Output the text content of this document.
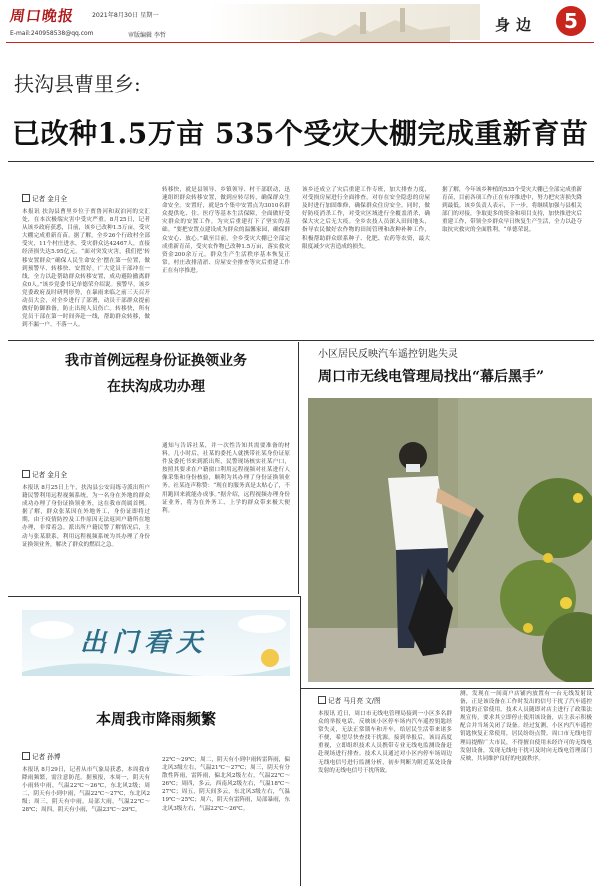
周口晚报	2021年8月30日 星期一
E-mail:240958538@qq.com	审版编辑 李哲
身边	5
扶沟县曹里乡:
已改种1.5万亩 535个受灾大棚完成重新育苗
记者 金月全
本报讯 扶沟县曹里乡位于贾鲁河和双洎河的交汇处，在本次极端灾害中受灾严重。8月25日，记者从该乡政府获悉，目前，该乡已改种1.5万亩，受灾大棚完成重新育苗。据了解，全乡26个行政村全部受灾，11个村庄进水，受灾群众达42467人，直接经济损失达5.95亿元。“面对突发灾害，我们把‘转移安置群众’‘确保人民生命安全’摆在第一位置，做到预警早、转移快、安置好。广大党员干部冲在一线，全力以赴帮助群众转移安置，成功避险撤离群众0人。”该乡党委书记单德荣介绍说。预警早，该乡党委政府及时研判形势，在暴雨来临之前三天召开动员大会，对全乡进行了部署，动员干部群众提前做好防御准备，防止出现人员伤亡。转移快，所有党员干部在第一时间奔赴一线，帮助群众转移，做到不漏一户、不落一人。
转移快，就是县领导、乡镇领导、村干部联动，迅速组织群众转移安置，做到应转尽转，确保群众生命安全。安置好，就是5个集中安置点为3010名群众提供吃、住、医疗等基本生活保障，全面做好受灾群众的安置工作，为灾后重建打下了坚实的基础。“要把安置点建设成为群众的温馨家园，确保群众安心、放心。”截至目前，全乡受灾大棚已全部完成重新育苗，受灾农作物已改种1.5万亩，落实救灾资金200余万元，群众生产生活秩序基本恢复正常。村庄改排清淤、房屋安全排查等灾后重建工作正在有序推进。
该乡还成立了灾后重建工作专班，加大排查力度，对受损房屋进行全面排查，对存在安全隐患的房屋及时进行加固维修，确保群众住房安全。同时，做好防疫消杀工作，对受灾区域进行全覆盖消杀，确保大灾之后无大疫。全乡农技人员深入田间地头，指导农民做好农作物的田间管理和改种补种工作，积极帮助群众联系种子、化肥、农药等农资，最大限度减少灾害造成的损失。
据了解，今年该乡种植的535个受灾大棚已全部完成重新育苗，目前各项工作正在有序推进中，努力把灾害损失降到最低。该乡负责人表示，下一步，将继续加强与县相关部门的对接，争取更多的资金和项目支持，加快推进灾后重建工作，带领全乡群众早日恢复生产生活，全力以赴夺取抗灾救灾的全面胜利。“单德荣说。
我市首例远程身份证换领业务
在扶沟成功办理
记者 金月全
本报讯 8月25日上午，扶沟县公安局练寺派出所户籍民警利用远程视频系统，为一名身在外地的群众成功办理了身份证换领业务，这在我市尚属首例。据了解，群众张某因在外地务工，身份证即将过期，由于疫情防控及工作原因无法返回户籍所在地办理，非常着急。派出所户籍民警了解情况后，主动与张某联系，利用远程视频系统为其办理了身份证换领业务，解决了群众的燃眉之急。
通知与告诉社某，并一次性告知其需要准备的材料。几小时后，社某的委托人就携带社某身份证原件及委托书来到派出所，民警现场核实社某户口，按照其要求在户籍窗口利用远程视频对社某进行人像采集和身份核验，顺利为其办理了身份证换领业务。社某连声称赞：“现在的服务真是太贴心了，不用跑回来就能办成事。”据介绍，远程视频办理身份证业务，将为在外务工、上学的群众带来极大便利。
小区居民反映汽车遥控钥匙失灵
周口市无线电管理局找出“幕后黑手”
记者 马月亮 文/图
本报讯 近日，周口市无线电管理局接到一小区多名群众的举报电话，反映该小区停车场内汽车遥控钥匙经常失灵，无法正常锁车和开车，给居民生活带来诸多不便，希望尽快查找干扰源。接到举报后，该局高度重视，立即组织技术人员携带专业无线电监测设备赶赴现场进行排查。技术人员通过对小区内停车场周边无线电信号进行监测分析，初步判断为附近某处设备发射的无线电信号干扰所致。
测，发现在一间商户店铺内放置有一台无线发射设备，正是该设备在工作时发出的信号干扰了汽车遥控钥匙的正常使用。技术人员随即对店主进行了政策法规宣传，要求其立即停止使用该设备，店主表示积极配合并当场关闭了设备。经过复测，小区内汽车遥控钥匙恢复正常使用，居民纷纷点赞。周口市无线电管理局提醒广大市民，不得擅自使用未经许可的无线电发射设备，发现无线电干扰可及时向无线电管理部门反映，共同维护良好的电波秩序。
出门看天
本周我市降雨频繁
记者 孙博
本报讯 8月29日，记者从市气象局获悉，本周我市降雨频繁，需注意防范。据预报，本周一，阴天有小雨转中雨，气温22℃～26℃，东北风2级；周二，阴天有小到中雨，气温22℃～27℃，东北风2级；周三，阴天有中雨，局部大雨，气温22℃～28℃；周四，阴天有小雨，气温23℃～29℃。
22℃～29℃；周二，阴天有小到中雨转雷阵雨，偏北风3级左右，气温21℃～27℃；周三，阴天有分散性阵雨，雷阵雨，偏北风2级左右，气温22℃～26℃；周四，多云，西南风2级左右，气温18℃～27℃；周五，阴天间多云，东北风3级左右，气温19℃～25℃；周六，阴天有雷阵雨，局部暴雨，东北风3级左右，气温22℃～26℃。
